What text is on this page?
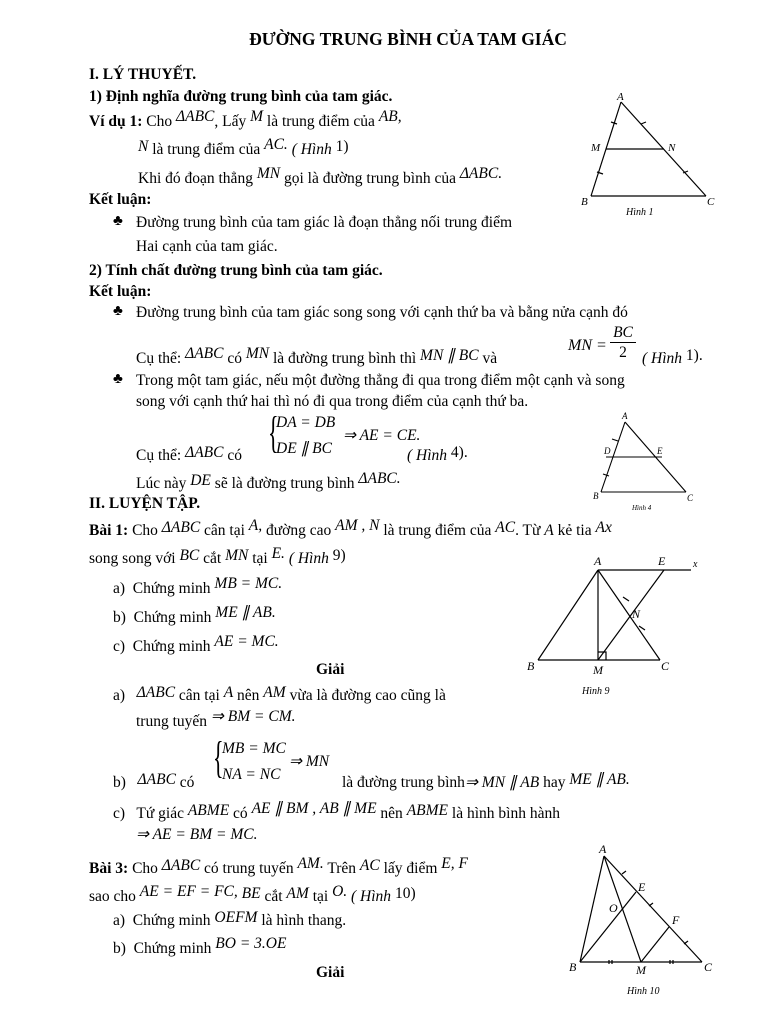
ĐƯỜNG TRUNG BÌNH CỦA TAM GIÁC
I. LÝ THUYẾT.
1) Định nghĩa đường trung bình của tam giác.
Ví dụ 1: Cho ΔABC, Lấy M là trung điểm của AB,
N là trung điểm của AC. ( Hình 1)
Khi đó đoạn thẳng MN gọi là đường trung bình của ΔABC.
Kết luận:
♣ Đường trung bình của tam giác là đoạn thẳng nối trung điểm
Hai cạnh của tam giác.
2) Tính chất đường trung bình của tam giác.
Kết luận:
♣ Đường trung bình của tam giác song song với cạnh thứ ba và bằng nửa cạnh đó
Cụ thể: ΔABC có MN là đường trung bình thì MN ∥ BC và
MN = $\frac{BC}{2}$ ( Hình 1).
♣ Trong một tam giác, nếu một đường thẳng đi qua trong điểm một cạnh và song
song với cạnh thứ hai thì nó đi qua trong điểm của cạnh thứ ba.
{
DA = DB
DE ∥ BC
⇒ AE = CE.
Cụ thể: ΔABC có	( Hình 4).
Lúc này DE sẽ là đường trung bình ΔABC.
II. LUYỆN TẬP.
Bài 1: Cho ΔABC cân tại A, đường cao AM , N là trung điểm của AC. Từ A kẻ tia Ax
song song với BC cắt MN tại E. ( Hình 9)
a) Chứng minh MB = MC.
b) Chứng minh ME ∥ AB.
c) Chứng minh AE = MC.
Giải
a) ΔABC cân tại A nên AM vừa là đường cao cũng là
trung tuyến ⇒ BM = CM.
{
MB = MC
NA = NC
⇒ MN
b) ΔABC có	là đường trung bình⇒ MN ∥ AB hay ME ∥ AB.
c) Tứ giác ABME có AE ∥ BM , AB ∥ ME nên ABME là hình bình hành
⇒ AE = BM = MC.
Bài 3: Cho ΔABC có trung tuyến AM. Trên AC lấy điểm E, F
sao cho AE = EF = FC, BE cắt AM tại O. ( Hình 10)
a) Chứng minh OEFM là hình thang.
b) Chứng minh BO = 3.OE
Giải
A
M	N
B	C
Hình 1
A
D	E
B	C
Hình 4
A	E	x
N
B	M	C
Hình 9
A
E
O
F
B	M	C
Hình 10
